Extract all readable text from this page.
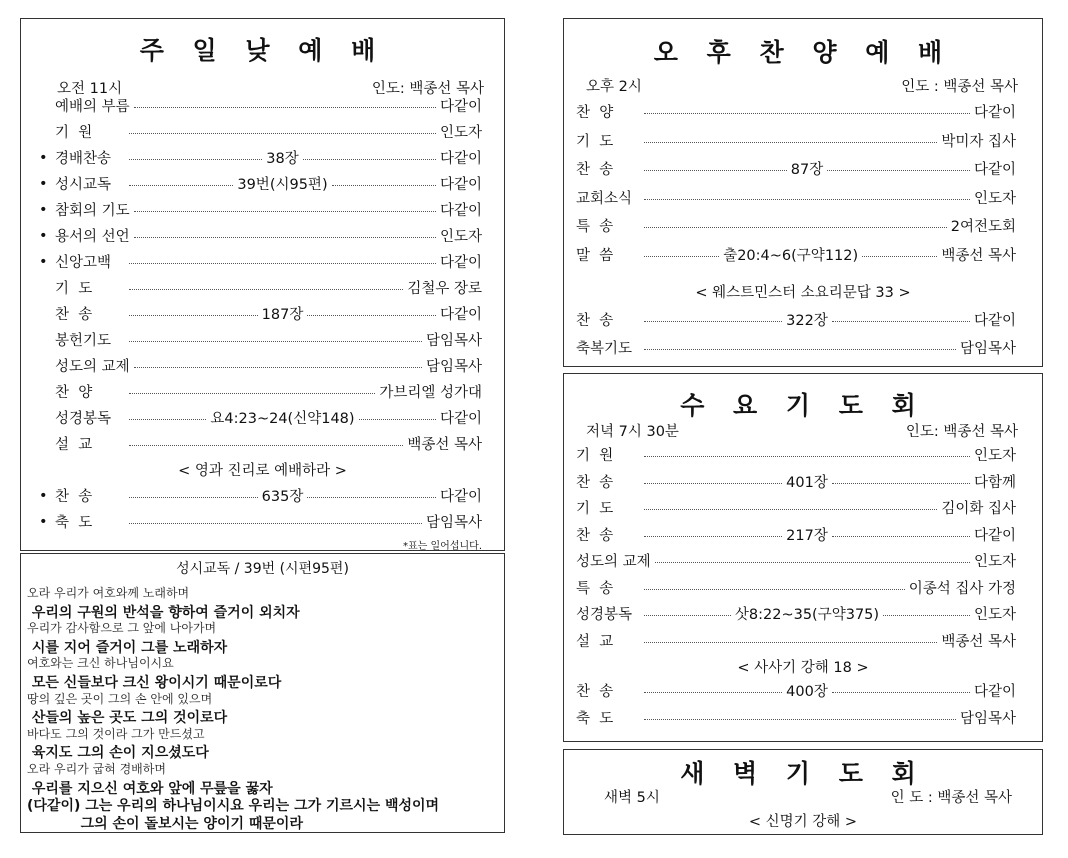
주 일 낮 예 배
오전 11시	인도: 백종선 목사
예배의 부름	다같이
기  원	인도자
• 경배찬송	38장	다같이
• 성시교독	39번(시95편)	다같이
• 참회의 기도	다같이
• 용서의 선언	인도자
• 신앙고백	다같이
기  도	김철우 장로
찬  송	187장	다같이
봉헌기도	담임목사
성도의 교제	담임목사
찬  양	가브리엘 성가대
성경봉독	요4:23~24(신약148)	다같이
설  교	백종선 목사
< 영과 진리로 예배하라 >
• 찬  송	635장	다같이
• 축  도	담임목사
*표는 일어섭니다.
성시교독 / 39번 (시편95편)
오라 우리가 여호와께 노래하며
우리의 구원의 반석을 향하여 즐거이 외치자
우리가 감사함으로 그 앞에 나아가며
시를 지어 즐거이 그를 노래하자
여호와는 크신 하나님이시요
모든 신들보다 크신 왕이시기 때문이로다
땅의 깊은 곳이 그의 손 안에 있으며
산들의 높은 곳도 그의 것이로다
바다도 그의 것이라 그가 만드셨고
육지도 그의 손이 지으셨도다
오라 우리가 굽혀 경배하며
우리를 지으신 여호와 앞에 무릎을 꿇자
(다같이) 그는 우리의 하나님이시요 우리는 그가 기르시는 백성이며
그의 손이 돌보시는 양이기 때문이라
오 후 찬 양 예 배
오후 2시	인도 : 백종선 목사
찬  양	다같이
기  도	박미자 집사
찬  송	87장	다같이
교회소식	인도자
특  송	2여전도회
말  씀	출20:4~6(구약112)	백종선 목사
< 웨스트민스터 소요리문답 33 >
찬  송	322장	다같이
축복기도	담임목사
수 요 기 도 회
저녁 7시 30분	인도: 백종선 목사
기  원	인도자
찬  송	401장	다함께
기  도	김이화 집사
찬  송	217장	다같이
성도의 교제	인도자
특  송	이종석 집사 가정
성경봉독	삿8:22~35(구약375)	인도자
설  교	백종선 목사
< 사사기 강해 18 >
찬  송	400장	다같이
축  도	담임목사
새 벽 기 도 회
새벽 5시	인 도 : 백종선 목사
< 신명기 강해 >
